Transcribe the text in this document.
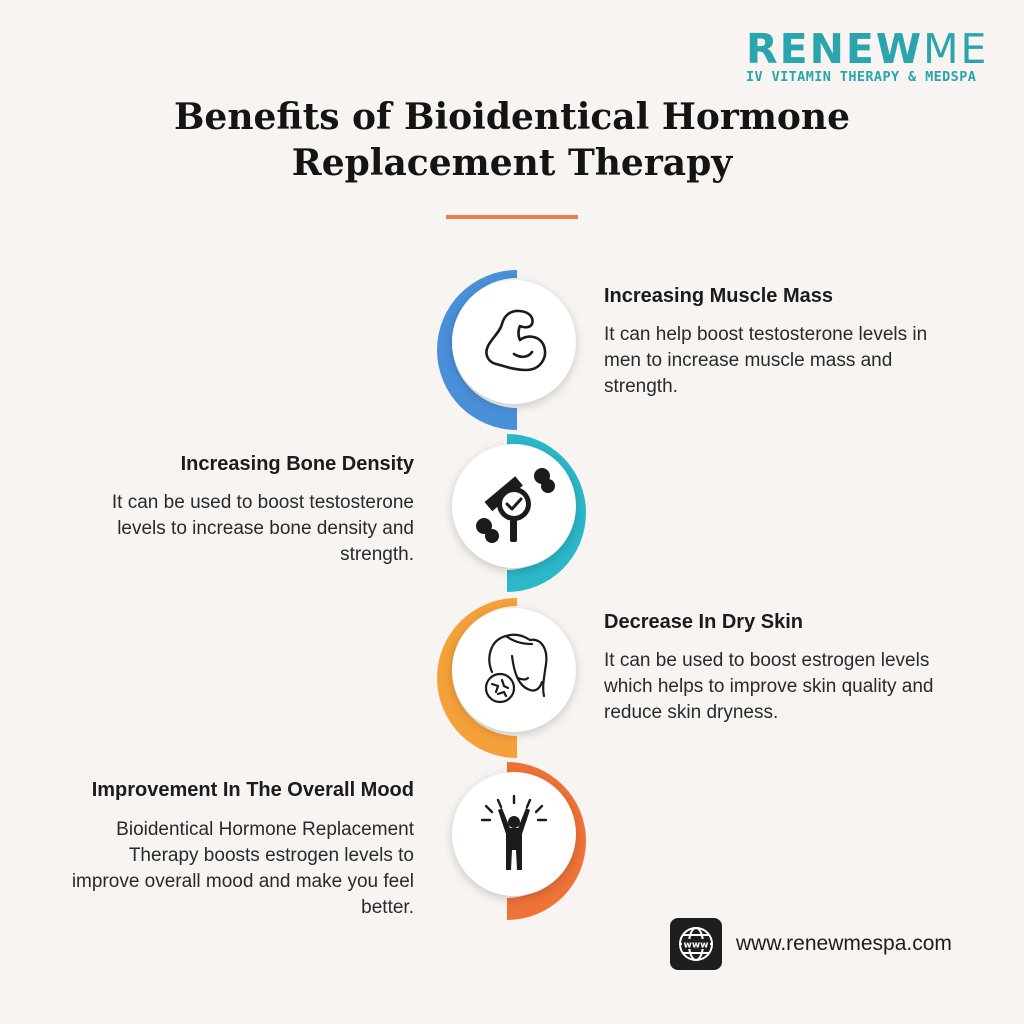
RENEWME
IV VITAMIN THERAPY & MEDSPA
Benefits of Bioidentical Hormone Replacement Therapy
Increasing Muscle Mass
It can help boost testosterone levels in men to increase muscle mass and strength.
Increasing Bone Density
It can be used to boost testosterone levels to increase bone density and strength.
Decrease In Dry Skin
It can be used to boost estrogen levels which helps to improve skin quality and reduce skin dryness.
Improvement In The Overall Mood
Bioidentical Hormone Replacement Therapy boosts estrogen levels to improve overall mood and make you feel better.
www www.renewmespa.com
